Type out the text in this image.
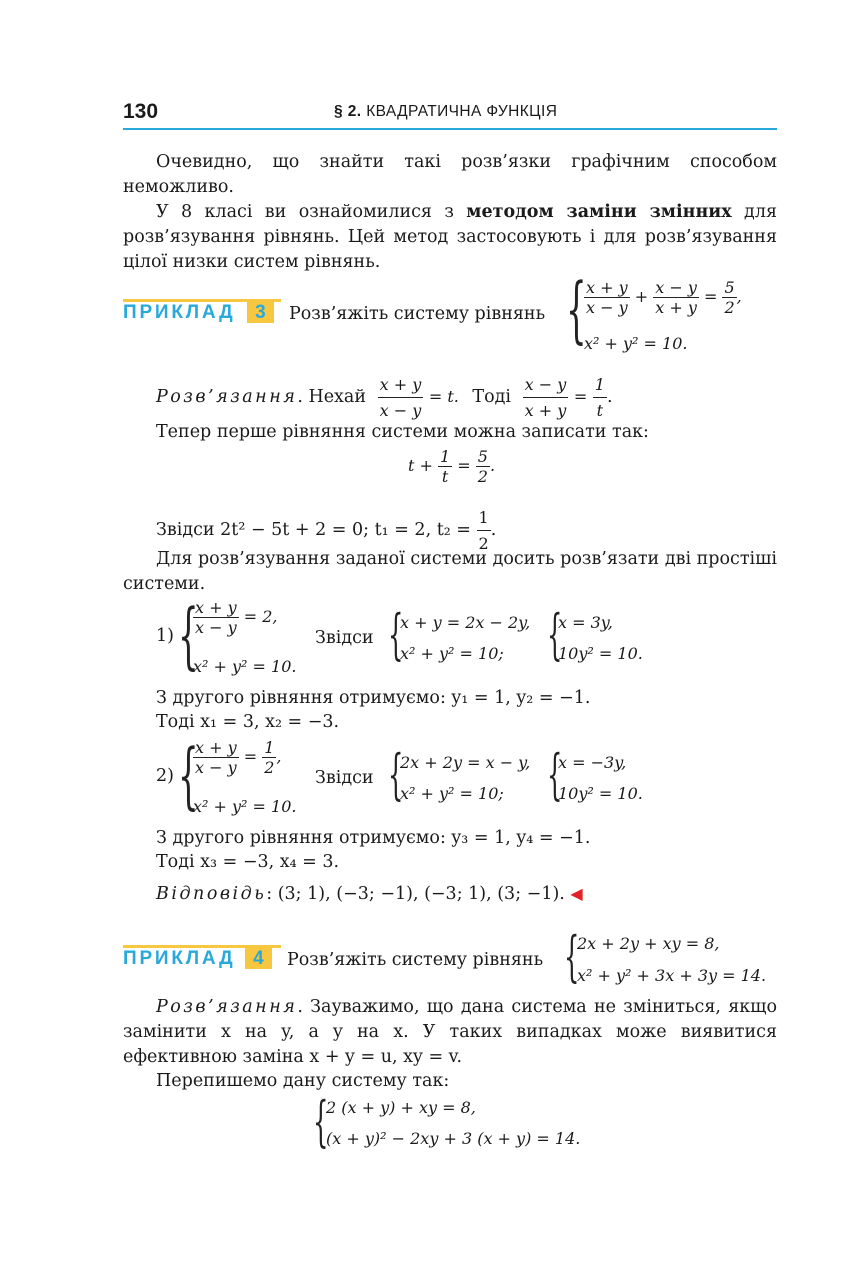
130	§ 2. КВАДРАТИЧНА ФУНКЦІЯ
Очевидно, що знайти такі розв’язки графічним способом неможливо.
У 8 класі ви ознайомилися з методом заміни змінних для розв’язування рівнянь. Цей метод застосовують і для розв’язування цілої низки систем рівнянь.
ПРИКЛАД 3	Розв’яжіть систему рівнянь {
$\frac{x + y}{x - y} + \frac{x - y}{x + y} = \frac{5}{2}$ ,
x² + y² = 10.
Розв’язання. Нехай $\frac{x + y}{x - y} = t$. Тоді $\frac{x - y}{x + y} = \frac{1}{t}$ .
Тепер перше рівняння системи можна записати так:
$t + \frac{1}{t} = \frac{5}{2}$ .
Звідси 2t² − 5t + 2 = 0; t₁ = 2, $t_2 = \frac{1}{2}$ .
Для розв’язування заданої системи досить розв’язати дві простіші системи.
1) {
$\frac{x + y}{x - y} = 2$,
x² + y² = 10.
Звідси {
x + y = 2x − 2y,
x² + y² = 10; {
x = 3y,
10y² = 10.
З другого рівняння отримуємо: y₁ = 1, y₂ = −1.
Тоді x₁ = 3, x₂ = −3.
2) {
$\frac{x + y}{x - y} = \frac{1}{2}$ ,
x² + y² = 10.
Звідси {
2x + 2y = x − y,
x² + y² = 10; {
x = −3y,
10y² = 10.
З другого рівняння отримуємо: y₃ = 1, y₄ = −1.
Тоді x₃ = −3, x₄ = 3.
Відповідь: (3; 1), (−3; −1), (−3; 1), (3; −1). ◀
ПРИКЛАД 4	Розв’яжіть систему рівнянь {
2x + 2y + xy = 8,
x² + y² + 3x + 3y = 14.
Розв’язання. Зауважимо, що дана система не зміниться, якщо замінити x на y, а y на x. У таких випадках може виявитися ефективною заміна x + y = u, xy = v.
Перепишемо дану систему так:
{
2 (x + y) + xy = 8,
(x + y)² − 2xy + 3 (x + y) = 14.
